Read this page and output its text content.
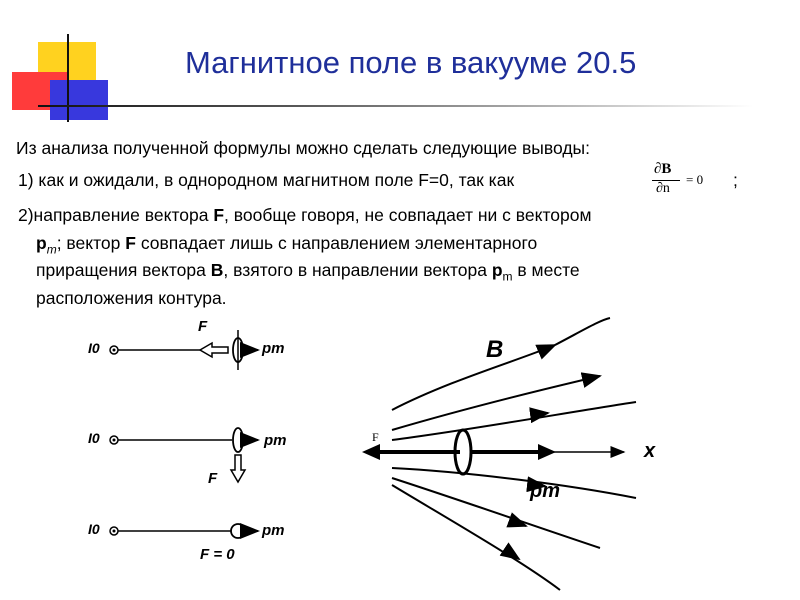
Магнитное поле в вакууме 20.5
Из анализа полученной формулы можно сделать следующие выводы:
1) как и ожидали, в однородном магнитном поле F=0, так как
∂B
∂n
= 0 ;
2)направление вектора F, вообще говоря, не совпадает ни с вектором
$p_m$; вектор F совпадает лишь с направлением элементарного
приращения вектора B, взятого в направлении вектора $p_m$ в месте
расположения контура.
I0
F
pm
I0
F
pm
I0
F = 0
pm
B
F
x
pm
